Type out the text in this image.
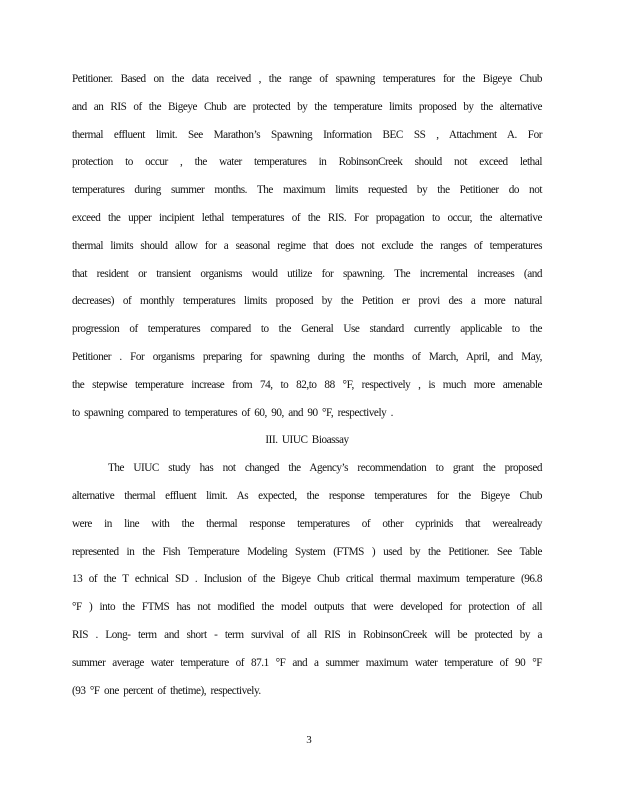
Petitioner. Based on the data received , the range of spawning temperatures for the Bigeye Chub
and an RIS of the Bigeye Chub are protected by the temperature limits proposed by the alternative
thermal effluent limit. See Marathon’s Spawning Information BEC SS , Attachment A. For
protection to occur , the water temperatures in RobinsonCreek should not exceed lethal
temperatures during summer months. The maximum limits requested by the Petitioner do not
exceed the upper incipient lethal temperatures of the RIS. For propagation to occur, the alternative
thermal limits should allow for a seasonal regime that does not exclude the ranges of temperatures
that resident or transient organisms would utilize for spawning. The incremental increases (and
decreases) of monthly temperatures limits proposed by the Petition er provi des a more natural
progression of temperatures compared to the General Use standard currently applicable to the
Petitioner . For organisms preparing for spawning during the months of March, April, and May,
the stepwise temperature increase from 74, to 82,to 88 °F, respectively , is much more amenable
to spawning compared to temperatures of 60, 90, and 90 °F, respectively .
III. UIUC Bioassay
The UIUC study has not changed the Agency’s recommendation to grant the proposed
alternative thermal effluent limit. As expected, the response temperatures for the Bigeye Chub
were in line with the thermal response temperatures of other cyprinids that werealready
represented in the Fish Temperature Modeling System (FTMS ) used by the Petitioner. See Table
13 of the T echnical SD . Inclusion of the Bigeye Chub critical thermal maximum temperature (96.8
°F ) into the FTMS has not modified the model outputs that were developed for protection of all
RIS . Long- term and short - term survival of all RIS in RobinsonCreek will be protected by a
summer average water temperature of 87.1 °F and a summer maximum water temperature of 90 °F
(93 °F one percent of thetime), respectively.
3
